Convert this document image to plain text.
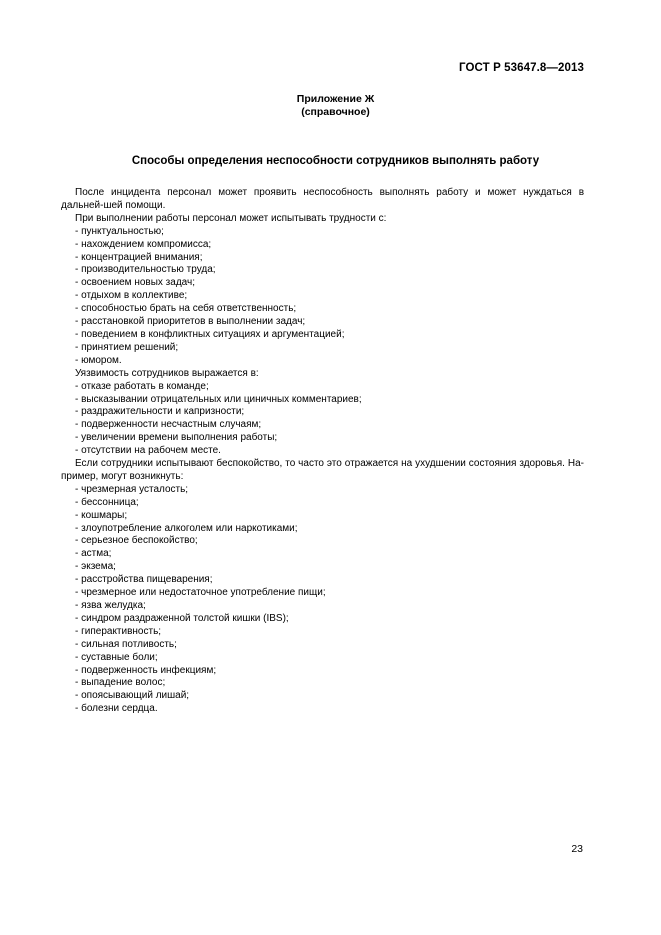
ГОСТ Р 53647.8—2013
Приложение Ж
(справочное)
Способы определения неспособности сотрудников выполнять работу

После инцидента персонал может проявить неспособность выполнять работу и может нуждаться в дальней-шей помощи.

При выполнении работы персонал может испытывать трудности с:

- пунктуальностью;
- нахождением компромисса;
- концентрацией внимания;
- производительностью труда;
- освоением новых задач;
- отдыхом в коллективе;
- способностью брать на себя ответственность;
- расстановкой приоритетов в выполнении задач;
- поведением в конфликтных ситуациях и аргументацией;
- принятием решений;
- юмором.

Уязвимость сотрудников выражается в:

- отказе работать в команде;
- высказывании отрицательных или циничных комментариев;
- раздражительности и капризности;
- подверженности несчастным случаям;
- увеличении времени выполнения работы;
- отсутствии на рабочем месте.

Если сотрудники испытывают беспокойство, то часто это отражается на ухудшении состояния здоровья. На-пример, могут возникнуть:

- чрезмерная усталость;
- бессонница;
- кошмары;
- злоупотребление алкоголем или наркотиками;
- серьезное беспокойство;
- астма;
- экзема;
- расстройства пищеварения;
- чрезмерное или недостаточное употребление пищи;
- язва желудка;
- синдром раздраженной толстой кишки (IBS);
- гиперактивность;
- сильная потливость;
- суставные боли;
- подверженность инфекциям;
- выпадение волос;
- опоясывающий лишай;
- болезни сердца.
23
